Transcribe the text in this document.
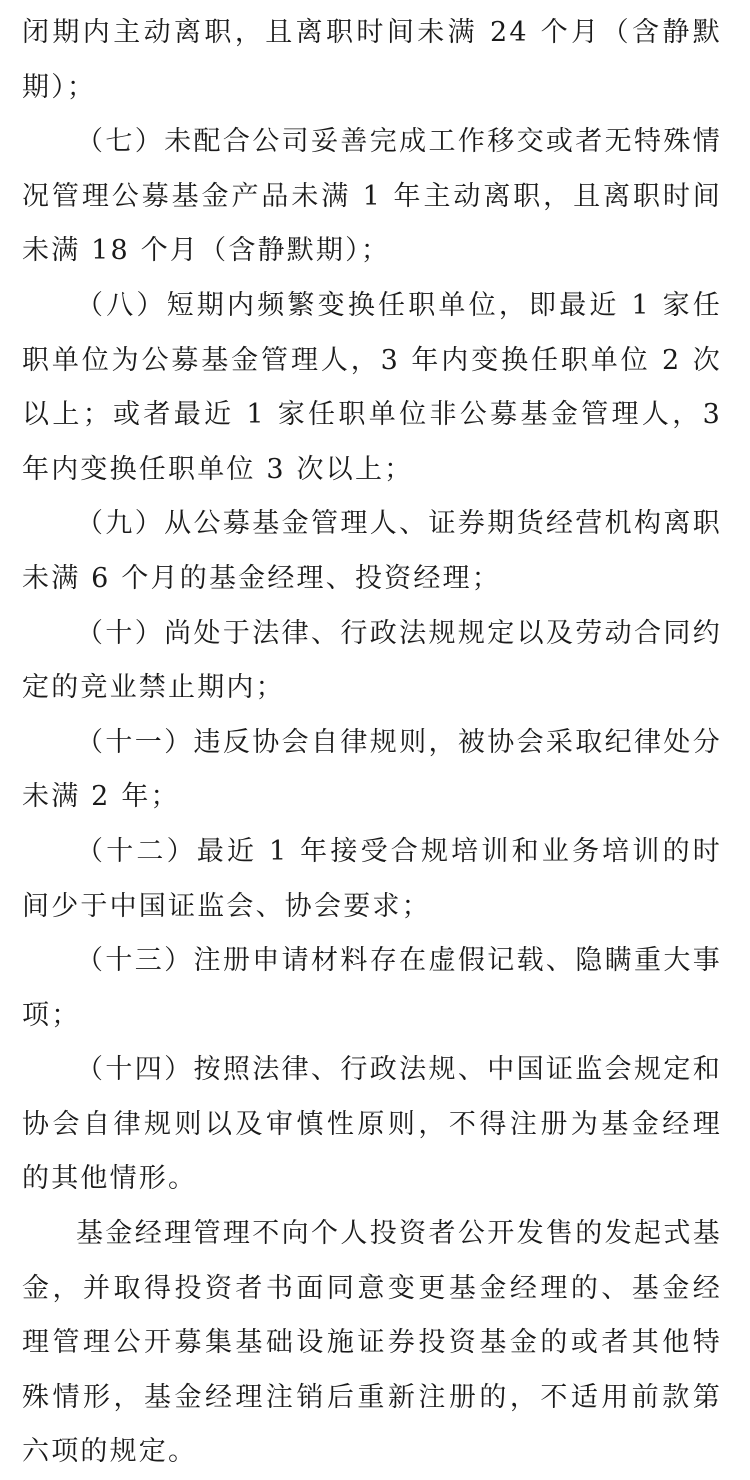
闭期内主动离职，且离职时间未满 24 个月（含静默期）；

（七）未配合公司妥善完成工作移交或者无特殊情况管理公募基金产品未满 1 年主动离职，且离职时间未满 18 个月（含静默期）；

（八）短期内频繁变换任职单位，即最近 1 家任职单位为公募基金管理人，3 年内变换任职单位 2 次以上；或者最近 1 家任职单位非公募基金管理人，3 年内变换任职单位 3 次以上；

（九）从公募基金管理人、证券期货经营机构离职未满 6 个月的基金经理、投资经理；

（十）尚处于法律、行政法规规定以及劳动合同约定的竞业禁止期内；

（十一）违反协会自律规则，被协会采取纪律处分未满 2 年；

（十二）最近 1 年接受合规培训和业务培训的时间少于中国证监会、协会要求；

（十三）注册申请材料存在虚假记载、隐瞒重大事项；

（十四）按照法律、行政法规、中国证监会规定和协会自律规则以及审慎性原则，不得注册为基金经理的其他情形。

基金经理管理不向个人投资者公开发售的发起式基金，并取得投资者书面同意变更基金经理的、基金经理管理公开募集基础设施证券投资基金的或者其他特殊情形，基金经理注销后重新注册的，不适用前款第六项的规定。
